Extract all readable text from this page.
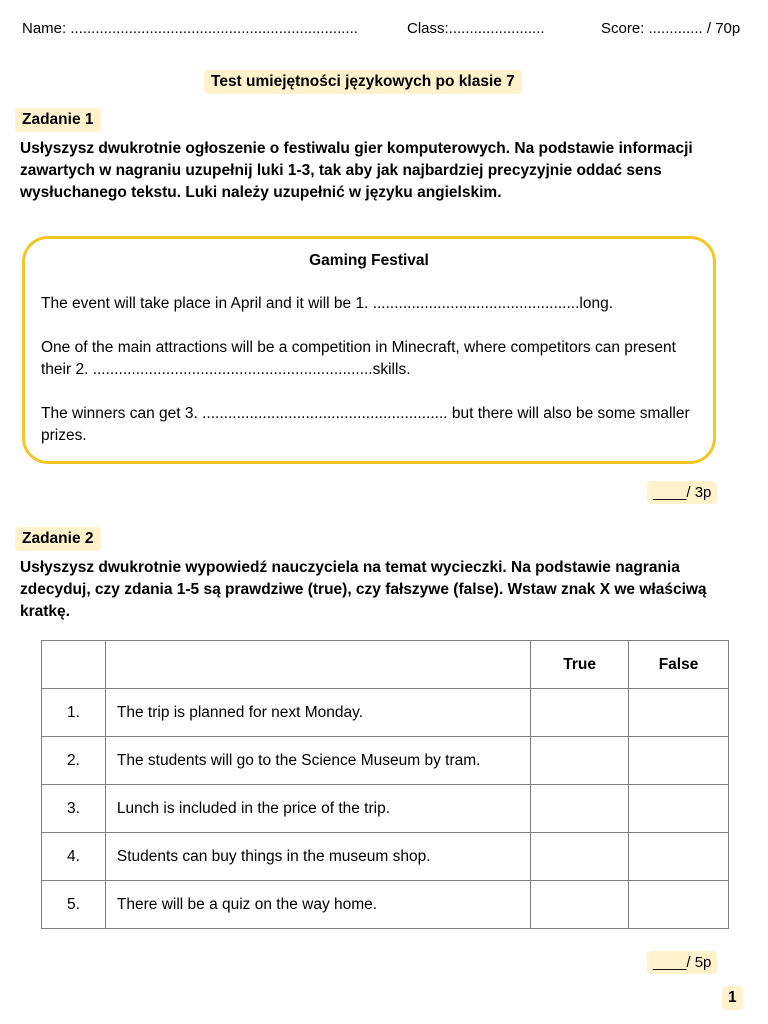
Name: .....................................................................	Class:.......................	Score: ............. / 70p
Test umiejętności językowych po klasie 7
Zadanie 1
Usłyszysz dwukrotnie ogłoszenie o festiwalu gier komputerowych. Na podstawie informacji zawartych w nagraniu uzupełnij luki 1-3, tak aby jak najbardziej precyzyjnie oddać sens wysłuchanego tekstu. Luki należy uzupełnić w języku angielskim.
Gaming Festival
The event will take place in April and it will be 1. ................................................long.
One of the main attractions will be a competition in Minecraft, where competitors can present their 2. .................................................................skills.
The winners can get 3. ......................................................... but there will also be some smaller prizes.
____/ 3p
Zadanie 2
Usłyszysz dwukrotnie wypowiedź nauczyciela na temat wycieczki. Na podstawie nagrania zdecyduj, czy zdania 1-5 są prawdziwe (true), czy fałszywe (false). Wstaw znak X we właściwą kratkę.
		True	False
1.	The trip is planned for next Monday.		
2.	The students will go to the Science Museum by tram.		
3.	Lunch is included in the price of the trip.		
4.	Students can buy things in the museum shop.		
5.	There will be a quiz on the way home.		
____/ 5p
1
